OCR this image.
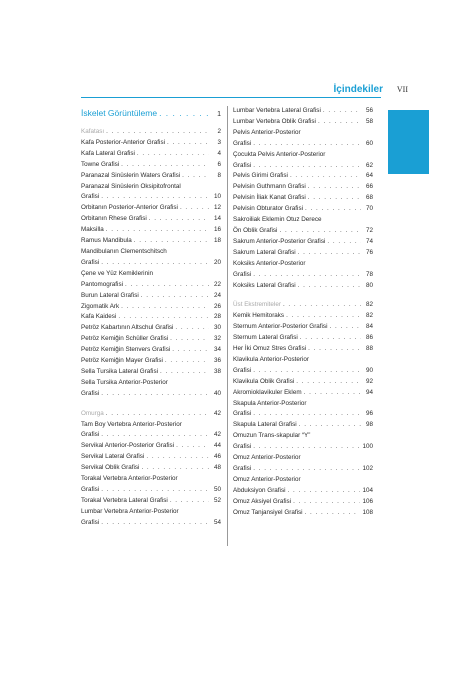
İçindekiler VII
İskelet Görüntüleme . . .	1
Kafatası . . .	2
Kafa Posterior-Anterior Grafisi . . .	3
Kafa Lateral Grafisi . . .	4
Towne Grafisi . . .	6
Paranazal Sinüslerin Waters Grafisi . . .	8
Paranazal Sinüslerin Oksipitofrontal
Grafisi . . .	10
Orbitanın Posterior-Anterior Grafisi . . .	12
Orbitanın Rhese Grafisi . . .	14
Maksilla . . .	16
Ramus Mandibula . . .	18
Mandibulanın Clementschitsch
Grafisi . . .	20
Çene ve Yüz Kemiklerinin
Pantomografisi . . .	22
Burun Lateral Grafisi . . .	24
Zigomatik Ark . . .	26
Kafa Kaidesi . . .	28
Petröz Kabartının Altschul Grafisi . . .	30
Petröz Kemiğin Schüller Grafisi . . .	32
Petröz Kemiğin Stenvers Grafisi . . .	34
Petröz Kemiğin Mayer Grafisi . . .	36
Sella Tursika Lateral Grafisi . . .	38
Sella Tursika Anterior-Posterior
Grafisi . . .	40
Omurga . . .	42
Tam Boy Vertebra Anterior-Posterior
Grafisi . . .	42
Servikal Anterior-Posterior Grafisi . . .	44
Servikal Lateral Grafisi . . .	46
Servikal Oblik Grafisi . . .	48
Torakal Vertebra Anterior-Posterior
Grafisi . . .	50
Torakal Vertebra Lateral Grafisi . . .	52
Lumbar Vertebra Anterior-Posterior
Grafisi . . .	54
Lumbar Vertebra Lateral Grafisi . . .	56
Lumbar Vertebra Oblik Grafisi . . .	58
Pelvis Anterior-Posterior
Grafisi . . .	60
Çocukta Pelvis Anterior-Posterior
Grafisi . . .	62
Pelvis Girimi Grafisi . . .	64
Pelvisin Guthmann Grafisi . . .	66
Pelvisin İliak Kanat Grafisi . . .	68
Pelvisin Obturator Grafisi . . .	70
Sakroiliak Eklemin Otuz Derece
Ön Oblik Grafisi . . .	72
Sakrum Anterior-Posterior Grafisi . . .	74
Sakrum Lateral Grafisi . . .	76
Koksiks Anterior-Posterior
Grafisi . . .	78
Koksiks Lateral Grafisi . . .	80
Üst Ekstremiteler . . .	82
Kemik Hemitoraks . . .	82
Sternum Anterior-Posterior Grafisi . . .	84
Sternum Lateral Grafisi . . .	86
Her İki Omuz Stres Grafisi . . .	88
Klavikula Anterior-Posterior
Grafisi . . .	90
Klavikula Oblik Grafisi . . .	92
Akromioklavikuler Eklem . . .	94
Skapula Anterior-Posterior
Grafisi . . .	96
Skapula Lateral Grafisi . . .	98
Omuzun Trans-skapular “Y”
Grafisi . . .	100
Omuz Anterior-Posterior
Grafisi . . .	102
Omuz Anterior-Posterior
Abduksiyon Grafisi . . .	104
Omuz Aksiyel Grafisi . . .	106
Omuz Tanjansiyel Grafisi . . .	108
